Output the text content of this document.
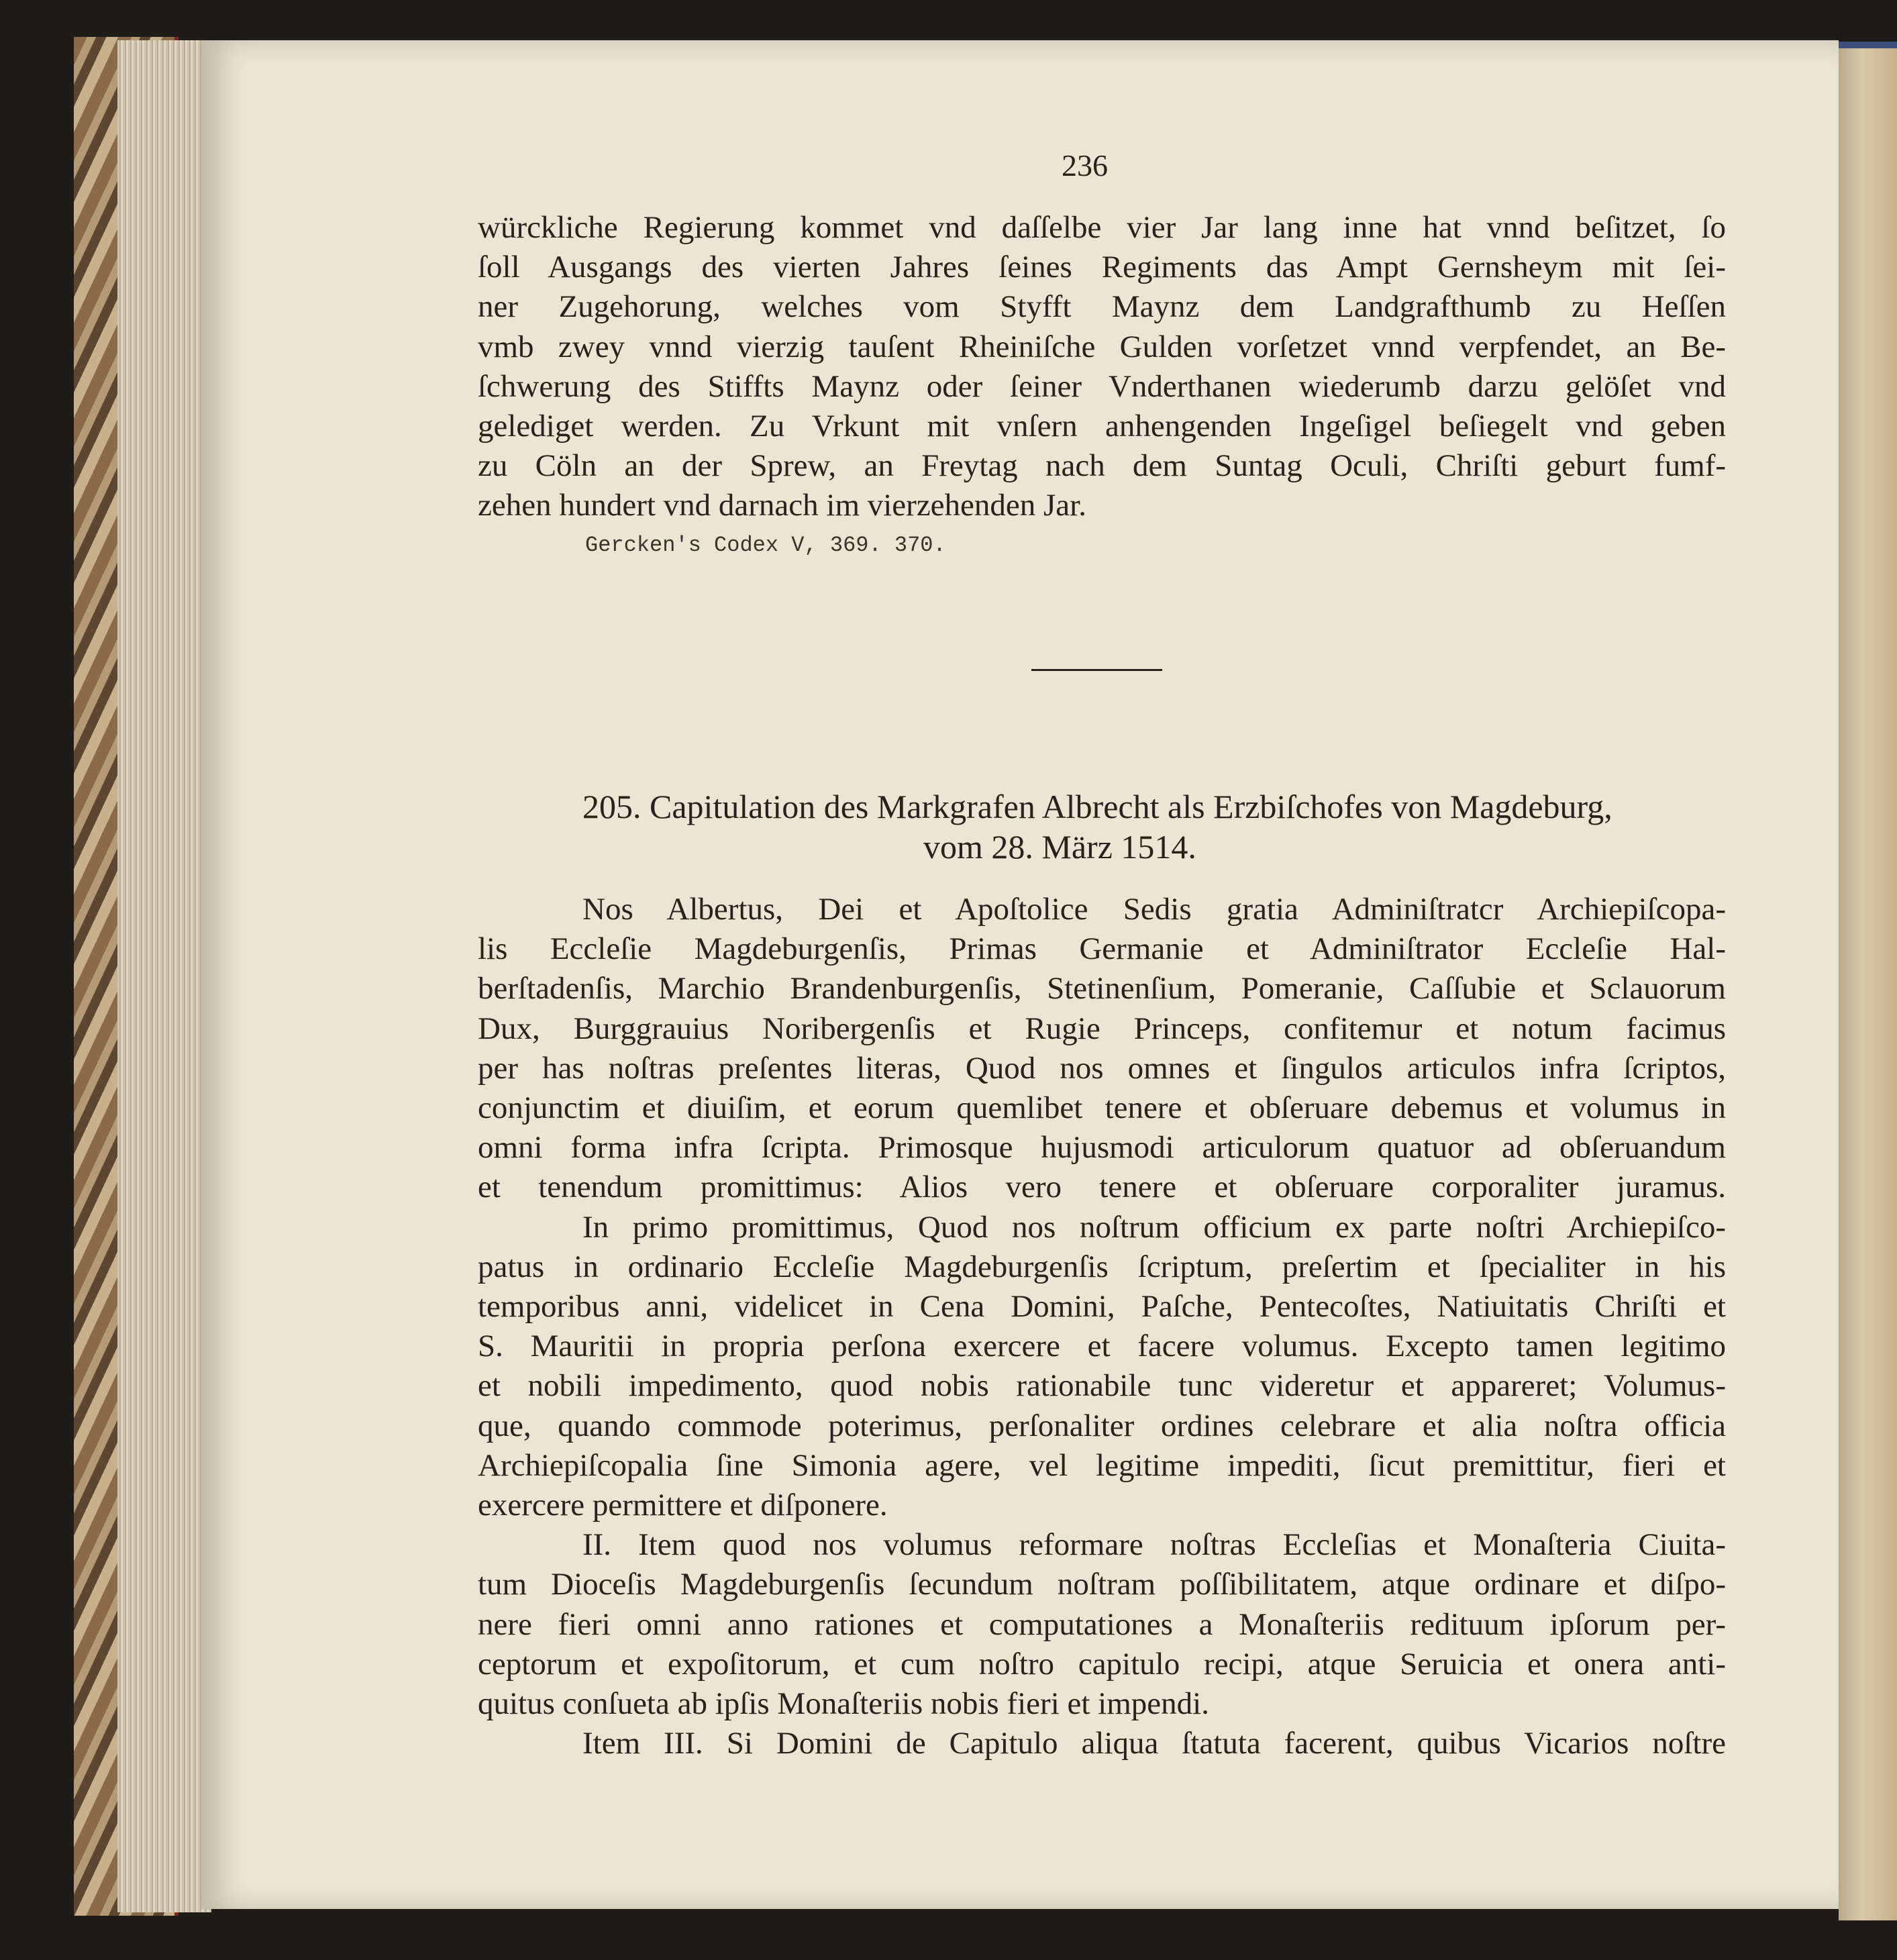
236

würckliche Regierung kommet vnd daſſelbe vier Jar lang inne hat vnnd beſitzet, ſo
ſoll Ausgangs des vierten Jahres ſeines Regiments das Ampt Gernsheym mit ſei-
ner Zugehorung, welches vom Styfft Maynz dem Landgrafthumb zu Heſſen
vmb zwey vnnd vierzig tauſent Rheiniſche Gulden vorſetzet vnnd verpfendet, an Be-
ſchwerung des Stiffts Maynz oder ſeiner Vnderthanen wiederumb darzu gelöſet vnd
gelediget werden. Zu Vrkunt mit vnſern anhengenden Ingeſigel beſiegelt vnd geben
zu Cöln an der Sprew, an Freytag nach dem Suntag Oculi, Chriſti geburt fumf-
zehen hundert vnd darnach im vierzehenden Jar.

Gercken's Codex V, 369. 370.
205. Capitulation des Markgrafen Albrecht als Erzbiſchofes von Magdeburg,
vom 28. März 1514.

Nos Albertus, Dei et Apoſtolice Sedis gratia Adminiſtratcr Archiepiſcopa-
lis Eccleſie Magdeburgenſis, Primas Germanie et Adminiſtrator Eccleſie Hal-
berſtadenſis, Marchio Brandenburgenſis, Stetinenſium, Pomeranie, Caſſubie et Sclauorum
Dux, Burggrauius Noribergenſis et Rugie Princeps, confitemur et notum facimus
per has noſtras preſentes literas, Quod nos omnes et ſingulos articulos infra ſcriptos,
conjunctim et diuiſim, et eorum quemlibet tenere et obſeruare debemus et volumus in
omni forma infra ſcripta. Primosque hujusmodi articulorum quatuor ad obſeruandum
et tenendum promittimus: Alios vero tenere et obſeruare corporaliter juramus.

In primo promittimus, Quod nos noſtrum officium ex parte noſtri Archiepiſco-
patus in ordinario Eccleſie Magdeburgenſis ſcriptum, preſertim et ſpecialiter in his
temporibus anni, videlicet in Cena Domini, Paſche, Pentecoſtes, Natiuitatis Chriſti et
S. Mauritii in propria perſona exercere et facere volumus. Excepto tamen legitimo
et nobili impedimento, quod nobis rationabile tunc videretur et appareret; Volumus-
que, quando commode poterimus, perſonaliter ordines celebrare et alia noſtra officia
Archiepiſcopalia ſine Simonia agere, vel legitime impediti, ſicut premittitur, fieri et
exercere permittere et diſponere.

II. Item quod nos volumus reformare noſtras Eccleſias et Monaſteria Ciuita-
tum Dioceſis Magdeburgenſis ſecundum noſtram poſſibilitatem, atque ordinare et diſpo-
nere fieri omni anno rationes et computationes a Monaſteriis redituum ipſorum per-
ceptorum et expoſitorum, et cum noſtro capitulo recipi, atque Seruicia et onera anti-
quitus conſueta ab ipſis Monaſteriis nobis fieri et impendi.

Item III. Si Domini de Capitulo aliqua ſtatuta facerent, quibus Vicarios noſtre
